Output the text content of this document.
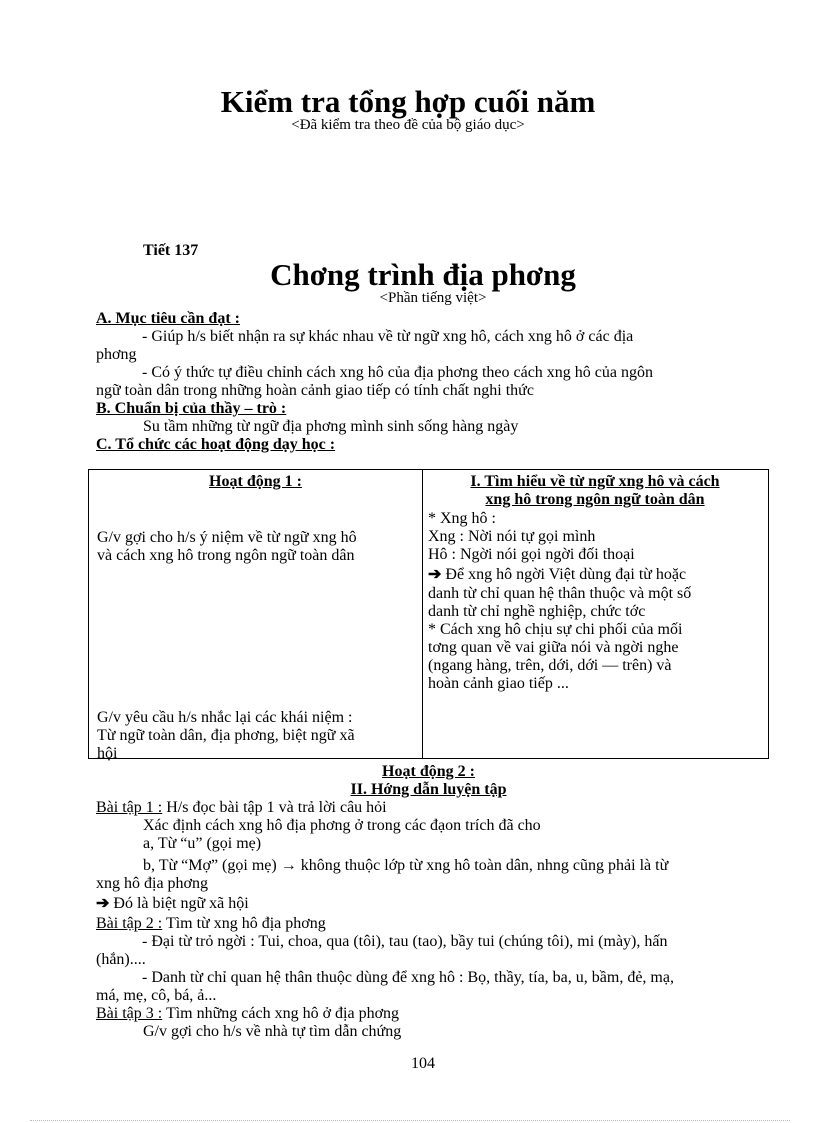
Kiểm tra tổng hợp cuối năm
<Đã kiểm tra theo đề của bộ giáo dục>
Tiết 137
Chơng trình địa phơng
<Phần tiếng việt>
A. Mục tiêu cần đạt :
- Giúp h/s biết nhận ra sự khác nhau về từ ngữ xng hô, cách xng hô ở các địa
phơng
- Có ý thức tự điều chỉnh cách xng hô của địa phơng theo cách xng hô của ngôn
ngữ toàn dân trong những hoàn cảnh giao tiếp có tính chất nghi thức
B. Chuẩn bị của thầy – trò :
Su tầm những từ ngữ địa phơng mình sinh sống hàng ngày
C. Tổ chức các hoạt động dạy học :
Hoạt động 1 :
G/v gợi cho h/s ý niệm về từ ngữ xng hô
và cách xng hô trong ngôn ngữ toàn dân
G/v yêu cầu h/s nhắc lại các khái niệm :
Từ ngữ toàn dân, địa phơng, biệt ngữ xã
hội
I. Tìm hiểu về từ ngữ xng hô và cách
xng hô trong ngôn ngữ toàn dân
* Xng hô :
Xng : Nời nói tự gọi mình
Hô : Ngời nói gọi ngời đối thoại
➔ Để xng hô ngời Việt dùng đại từ hoặc
danh từ chỉ quan hệ thân thuộc và một số
danh từ chỉ nghề nghiệp, chức tớc
* Cách xng hô chịu sự chi phối của mối
tơng quan về vai giữa nói và ngời nghe
(ngang hàng, trên, dới, dới — trên) và
hoàn cảnh giao tiếp ...
Hoạt động 2 :
II. Hớng dẫn luyện tập
Bài tập 1 : H/s đọc bài tập 1 và trả lời câu hỏi
Xác định cách xng hô địa phơng ở trong các đạon trích đã cho
a, Từ “u” (gọi mẹ)
b, Từ “Mợ” (gọi mẹ) → không thuộc lớp từ xng hô toàn dân, nhng cũng phải là từ
xng hô địa phơng
➔ Đó là biệt ngữ xã hội
Bài tập 2 : Tìm từ xng hô địa phơng
- Đại từ trỏ ngời : Tui, choa, qua (tôi), tau (tao), bầy tui (chúng tôi), mi (mày), hấn
(hắn)....
- Danh từ chỉ quan hệ thân thuộc dùng để xng hô : Bọ, thầy, tía, ba, u, bầm, đẻ, mạ,
má, mẹ, cô, bá, ả...
Bài tập 3 : Tìm những cách xng hô ở địa phơng
G/v gợi cho h/s về nhà tự tìm dẫn chứng
104
